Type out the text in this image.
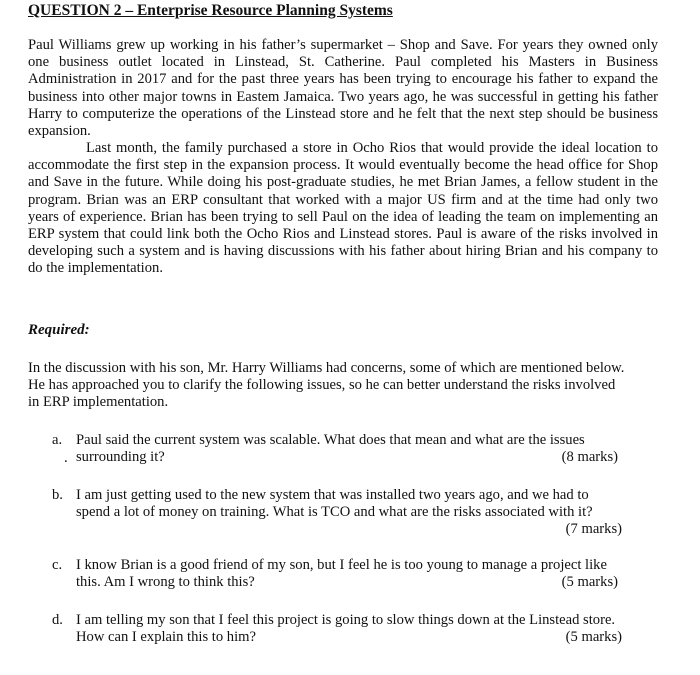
QUESTION 2 – Enterprise Resource Planning Systems

Paul Williams grew up working in his father’s supermarket – Shop and Save. For years they owned only one business outlet located in Linstead, St. Catherine. Paul completed his Masters in Business Administration in 2017 and for the past three years has been trying to encourage his father to expand the business into other major towns in Eastem Jamaica. Two years ago, he was successful in getting his father Harry to computerize the operations of the Linstead store and he felt that the next step should be business expansion.

Last month, the family purchased a store in Ocho Rios that would provide the ideal location to accommodate the first step in the expansion process. It would eventually become the head office for Shop and Save in the future. While doing his post-graduate studies, he met Brian James, a fellow student in the program. Brian was an ERP consultant that worked with a major US firm and at the time had only two years of experience. Brian has been trying to sell Paul on the idea of leading the team on implementing an ERP system that could link both the Ocho Rios and Linstead stores. Paul is aware of the risks involved in developing such a system and is having discussions with his father about hiring Brian and his company to do the implementation.

Required:

In the discussion with his son, Mr. Harry Williams had concerns, some of which are mentioned below. He has approached you to clarify the following issues, so he can better understand the risks involved in ERP implementation.

a.
.
Paul said the current system was scalable. What does that mean and what are the issues surrounding it?	(8 marks)
b. I am just getting used to the new system that was installed two years ago, and we had to spend a lot of money on training. What is TCO and what are the risks associated with it?
(7 marks)
c. I know Brian is a good friend of my son, but I feel he is too young to manage a project like this. Am I wrong to think this?	(5 marks)
d. I am telling my son that I feel this project is going to slow things down at the Linstead store. How can I explain this to him?	(5 marks)
